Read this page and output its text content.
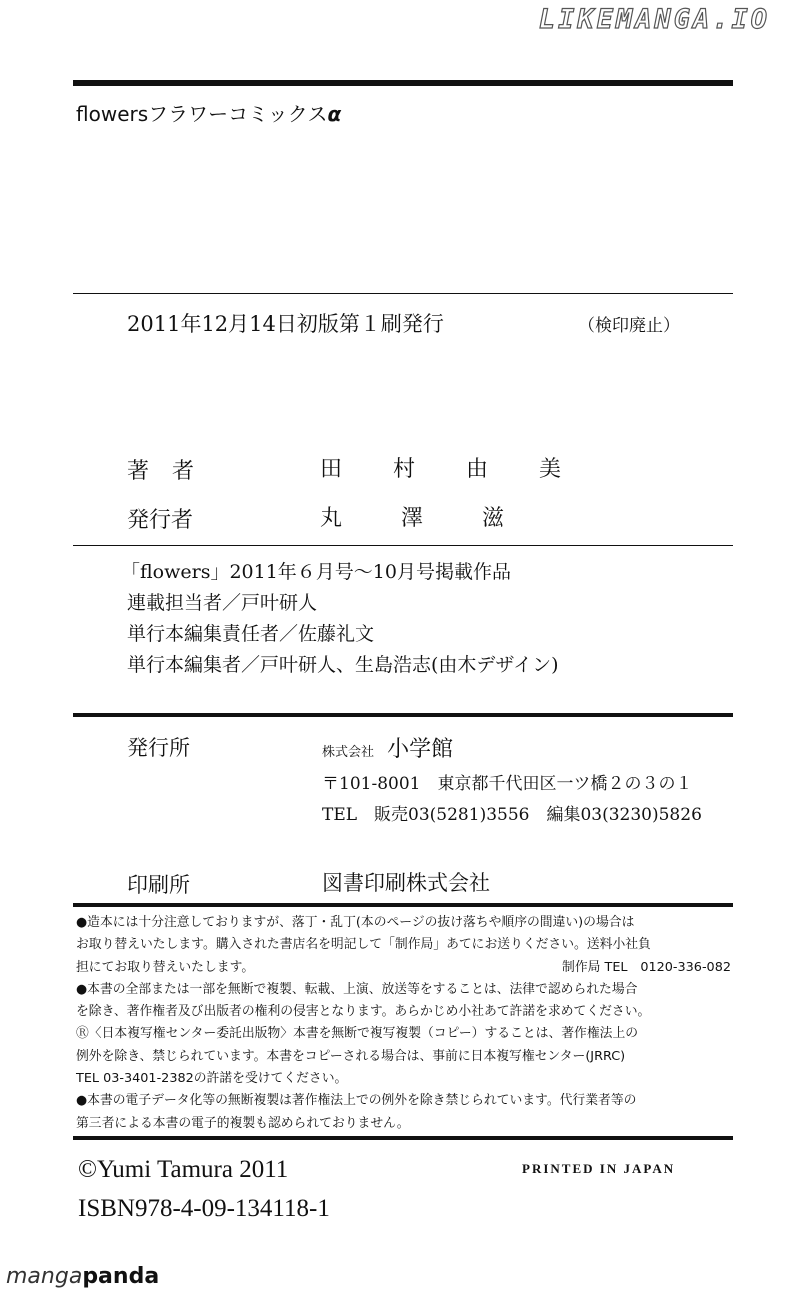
LIKEMANGA.IO
flowersフラワーコミックスα
2011年12月14日初版第１刷発行	（検印廃止）
著 者	田 村 由 美
発行者	丸 澤 滋
「flowers」2011年６月号～10月号掲載作品
連載担当者／戸叶研人
単行本編集責任者／佐藤礼文
単行本編集者／戸叶研人、生島浩志(由木デザイン)
発行所	株式会社 小学館
〒101-8001　東京都千代田区一ツ橋２の３の１
TEL　販売03(5281)3556　編集03(3230)5826
印刷所	図書印刷株式会社
●造本には十分注意しておりますが、落丁・乱丁(本のページの抜け落ちや順序の間違い)の場合は
お取り替えいたします。購入された書店名を明記して「制作局」あてにお送りください。送料小社負
担にてお取り替えいたします。	制作局 TEL　0120-336-082
●本書の全部または一部を無断で複製、転載、上演、放送等をすることは、法律で認められた場合
を除き、著作権者及び出版者の権利の侵害となります。あらかじめ小社あて許諾を求めてください。
Ⓡ〈日本複写権センター委託出版物〉本書を無断で複写複製（コピー）することは、著作権法上の
例外を除き、禁じられています。本書をコピーされる場合は、事前に日本複写権センター(JRRC)
TEL 03-3401-2382の許諾を受けてください。
●本書の電子データ化等の無断複製は著作権法上での例外を除き禁じられています。代行業者等の
第三者による本書の電子的複製も認められておりません。
©Yumi Tamura 2011	PRINTED IN JAPAN
ISBN978-4-09-134118-1
mangapanda
